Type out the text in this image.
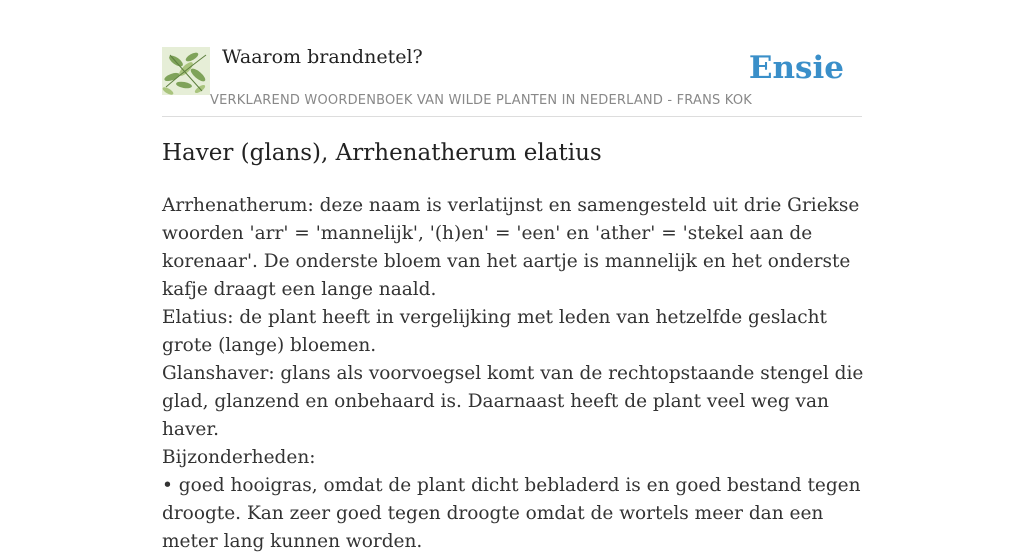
Waarom brandnetel?	Ensie
VERKLAREND WOORDENBOEK VAN WILDE PLANTEN IN NEDERLAND - FRANS KOK
Haver (glans), Arrhenatherum elatius

Arrhenatherum: deze naam is verlatijnst en samengesteld uit drie Griekse woorden 'arr' = 'mannelijk', '(h)en' = 'een' en 'ather' = 'stekel aan de korenaar'. De onderste bloem van het aartje is mannelijk en het onderste kafje draagt een lange naald.

Elatius: de plant heeft in vergelijking met leden van hetzelfde geslacht grote (lange) bloemen.

Glanshaver: glans als voorvoegsel komt van de rechtopstaande stengel die glad, glanzend en onbehaard is. Daarnaast heeft de plant veel weg van haver.

Bijzonderheden:

• goed hooigras, omdat de plant dicht bebladerd is en goed bestand tegen droogte. Kan zeer goed tegen droogte omdat de wortels meer dan een meter lang kunnen worden.
